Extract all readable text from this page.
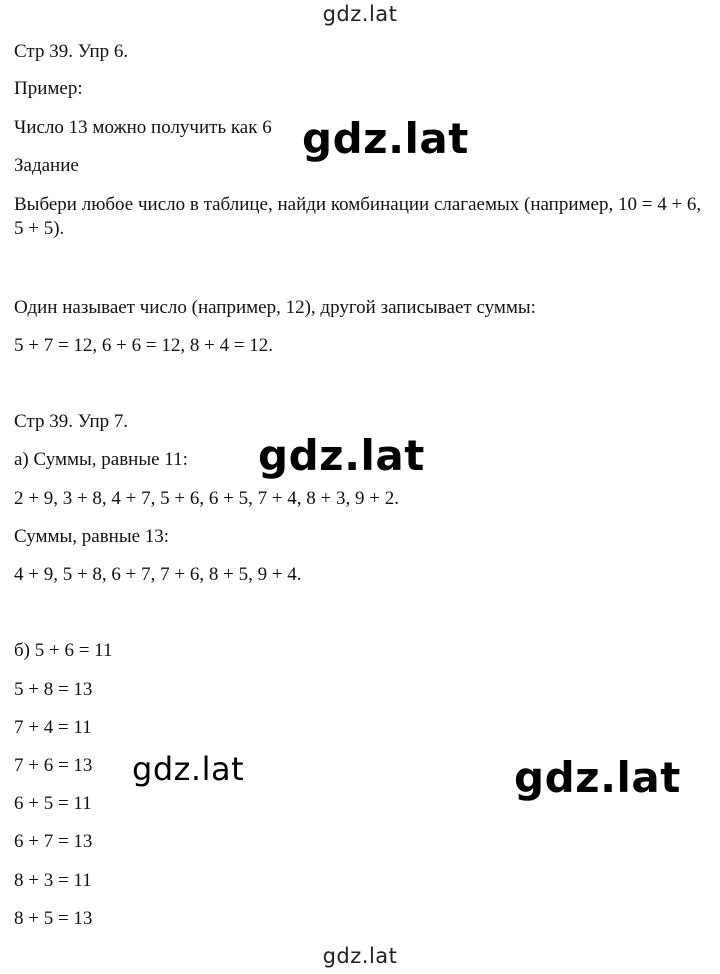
gdz.lat
Стр 39. Упр 6.
Пример:
Число 13 можно получить как 6
Задание
Выбери любое число в таблице, найди комбинации слагаемых (например, 10 = 4 + 6, 5 + 5).
Один называет число (например, 12), другой записывает суммы:
5 + 7 = 12, 6 + 6 = 12, 8 + 4 = 12.
Стр 39. Упр 7.
а) Суммы, равные 11:
2 + 9, 3 + 8, 4 + 7, 5 + 6, 6 + 5, 7 + 4, 8 + 3, 9 + 2.
Суммы, равные 13:
4 + 9, 5 + 8, 6 + 7, 7 + 6, 8 + 5, 9 + 4.
б) 5 + 6 = 11
5 + 8 = 13
7 + 4 = 11
7 + 6 = 13
6 + 5 = 11
6 + 7 = 13
8 + 3 = 11
8 + 5 = 13
gdz.lat
gdz.lat
gdz.lat	gdz.lat
gdz.lat
